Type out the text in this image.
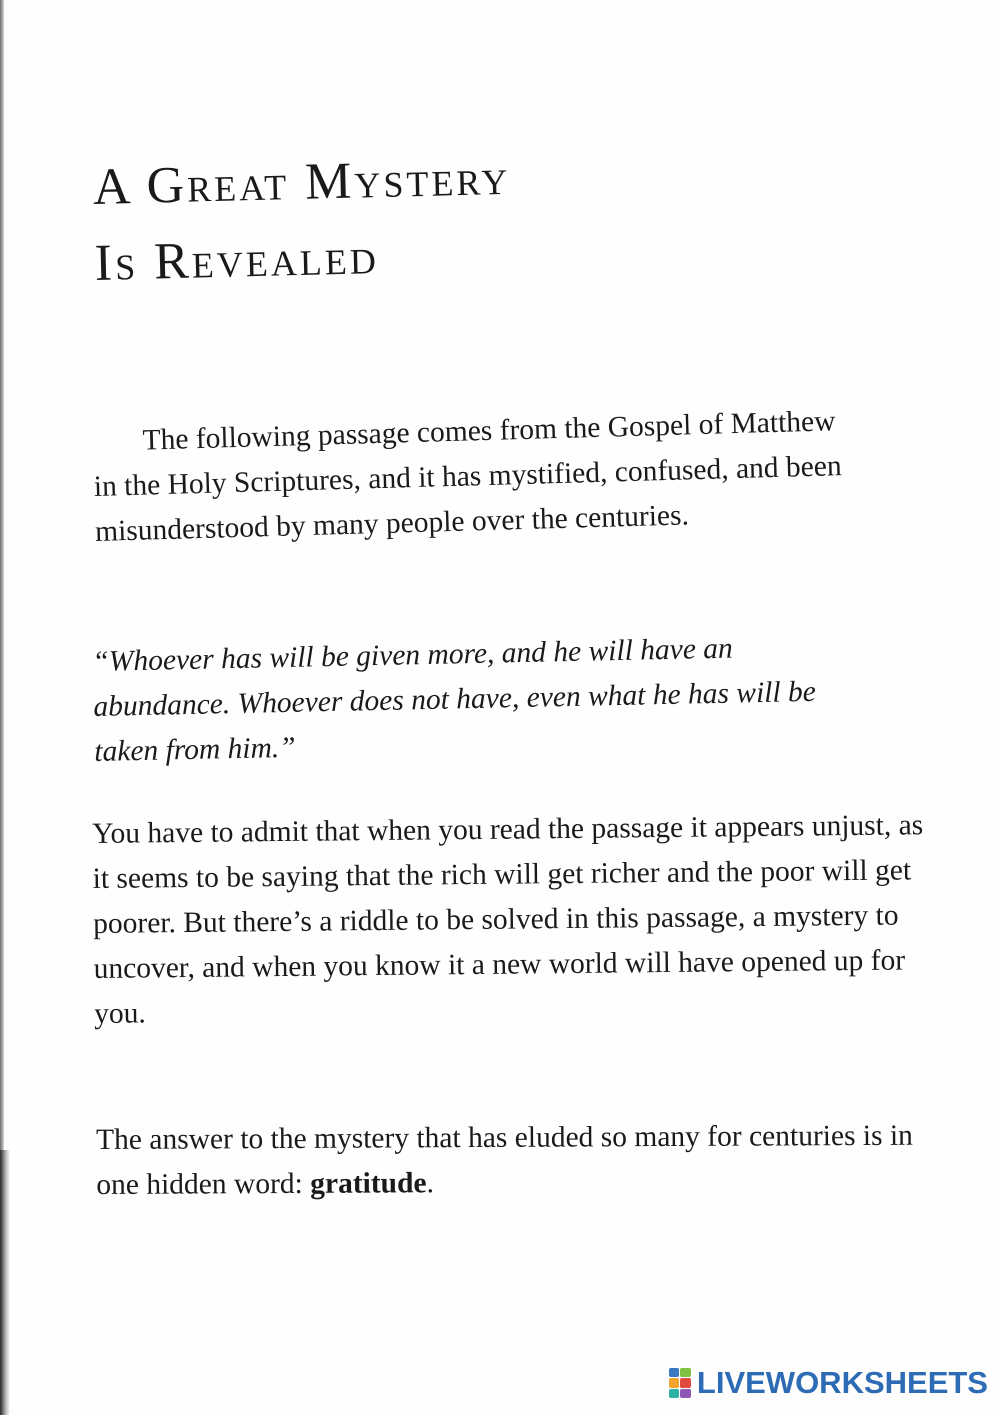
A Great Mystery
Is Revealed

The following passage comes from the Gospel of Matthew in the Holy Scriptures, and it has mystified, confused, and been misunderstood by many people over the centuries.

“Whoever has will be given more, and he will have an abundance. Whoever does not have, even what he has will be taken from him.”

You have to admit that when you read the passage it appears unjust, as it seems to be saying that the rich will get richer and the poor will get poorer. But there’s a riddle to be solved in this passage, a mystery to uncover, and when you know it a new world will have opened up for you.

The answer to the mystery that has eluded so many for centuries is in one hidden word: gratitude.

LIVEWORKSHEETS
